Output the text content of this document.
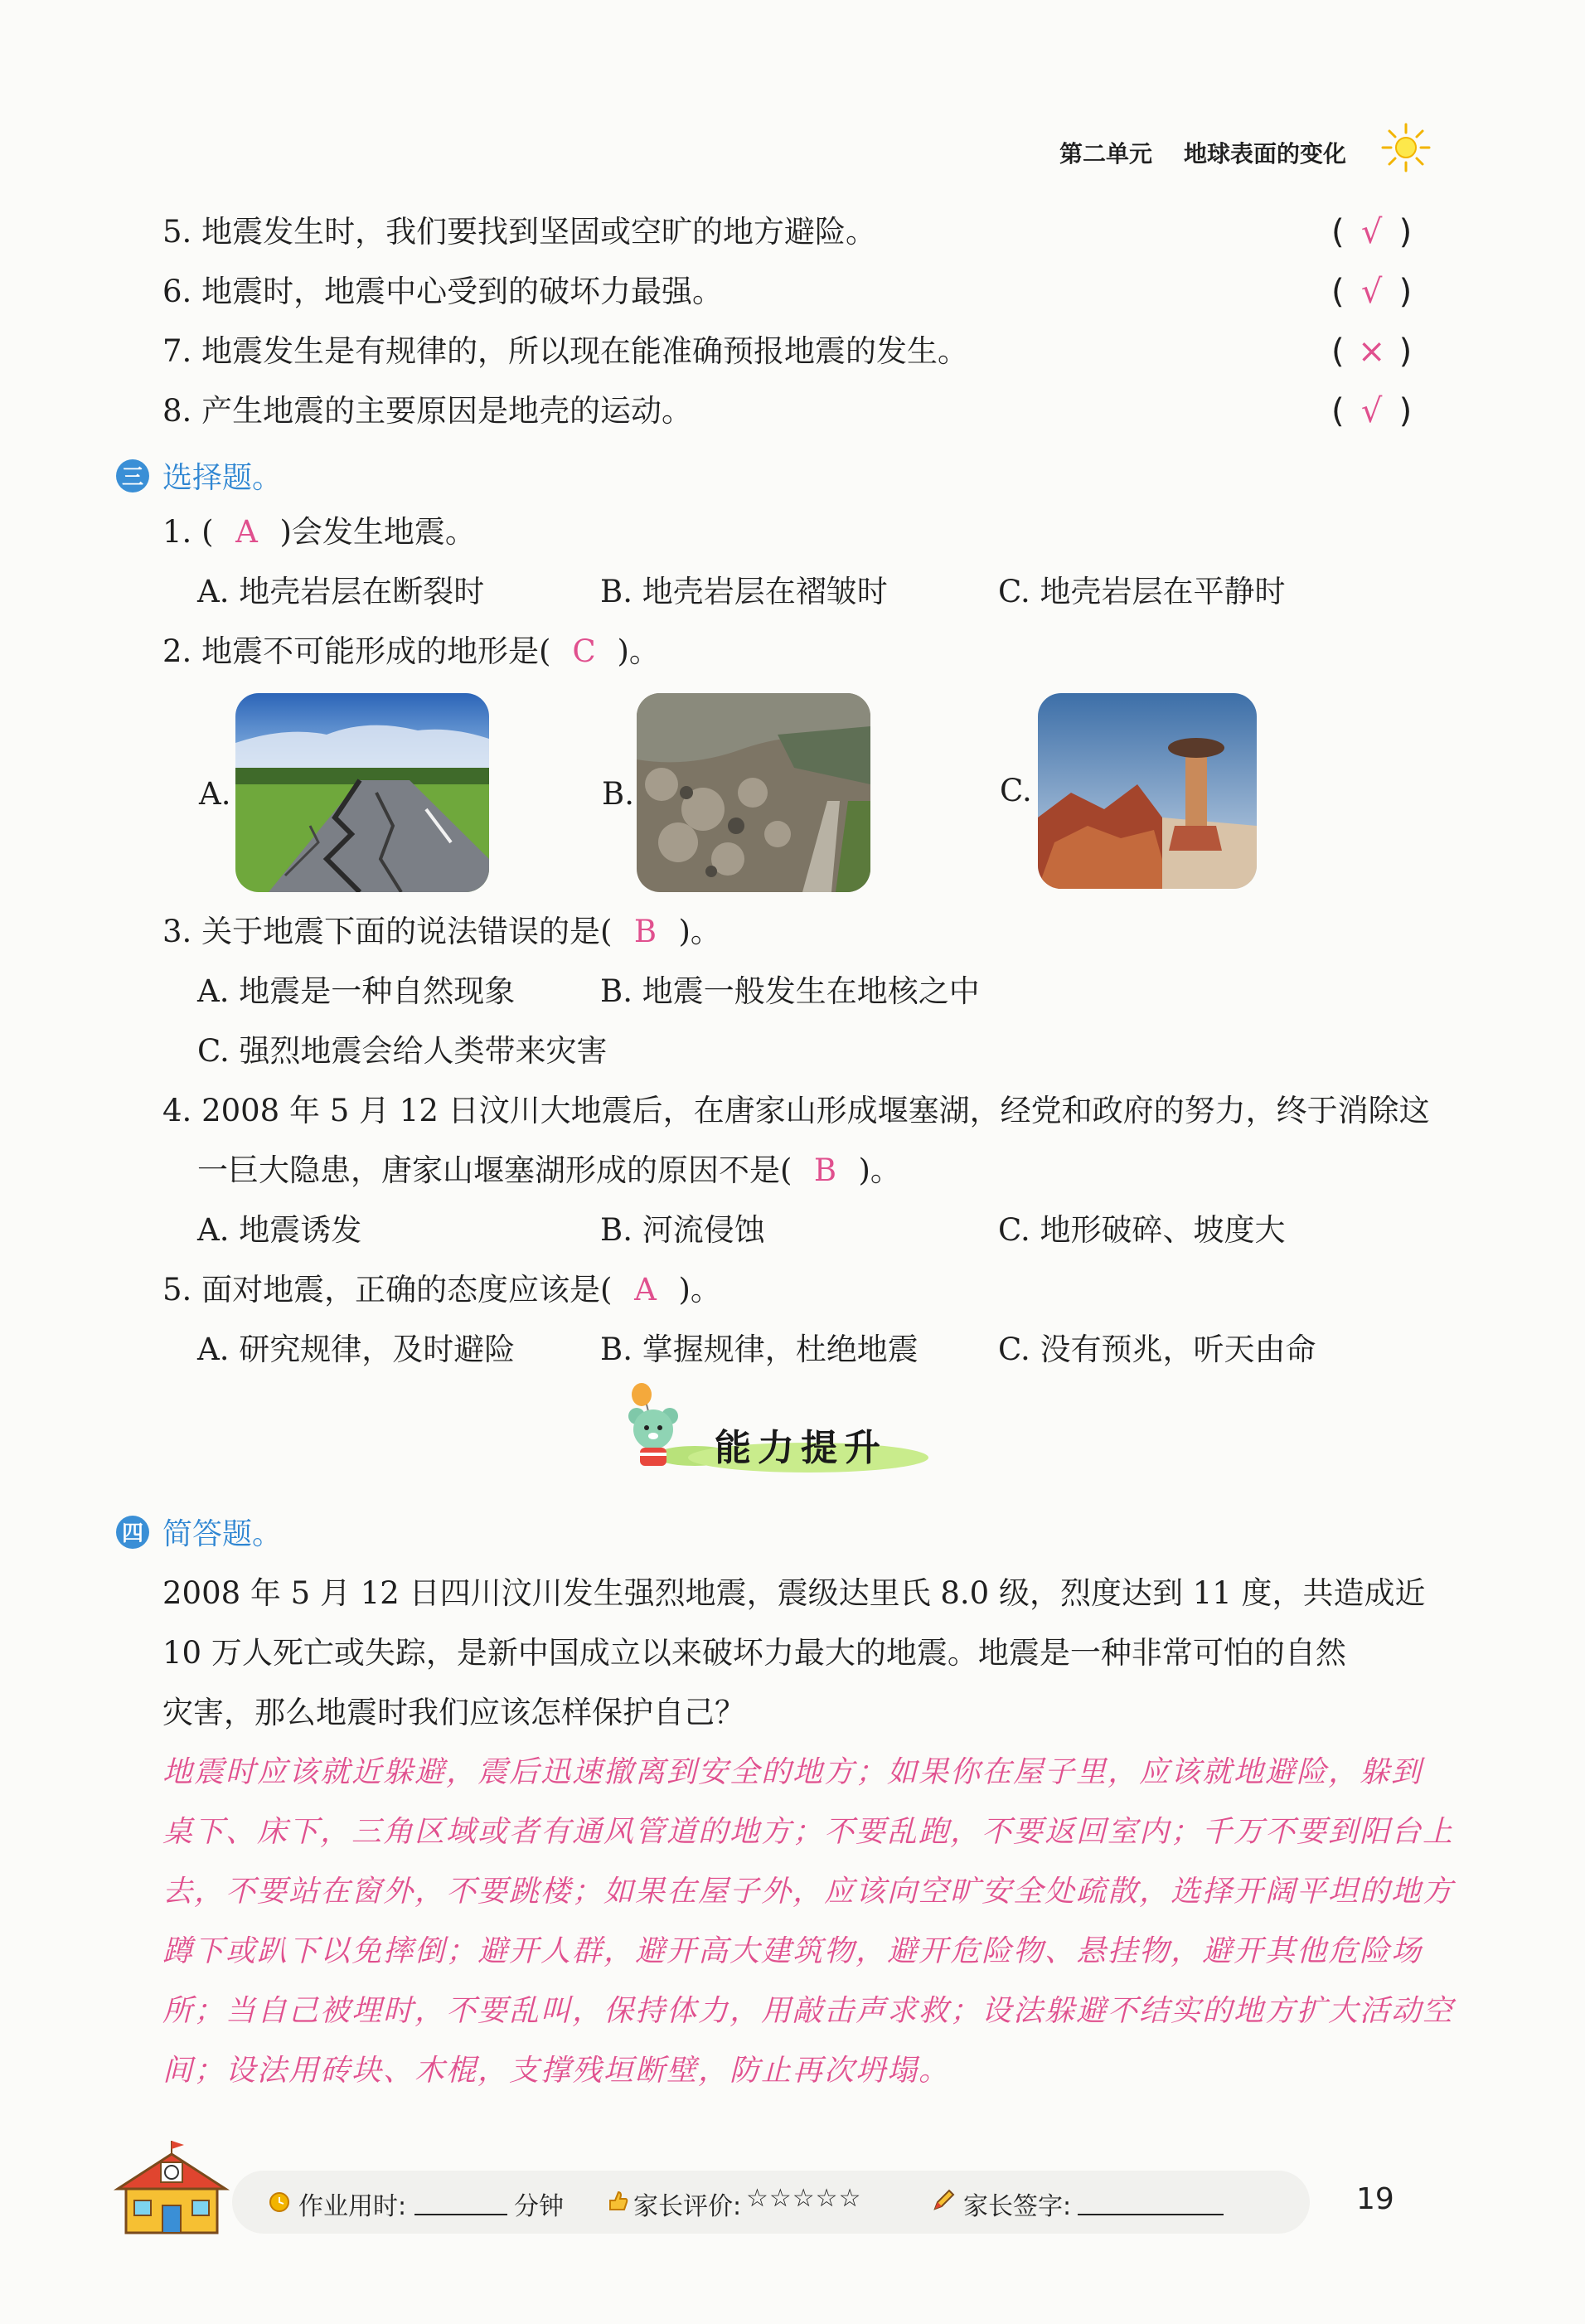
第二单元 地球表面的变化
5. 地震发生时，我们要找到坚固或空旷的地方避险。	( √ )
6. 地震时，地震中心受到的破坏力最强。	( √ )
7. 地震发生是有规律的，所以现在能准确预报地震的发生。	( × )
8. 产生地震的主要原因是地壳的运动。	( √ )
三 选择题。
1. ( A )会发生地震。
A. 地壳岩层在断裂时	B. 地壳岩层在褶皱时	C. 地壳岩层在平静时
2. 地震不可能形成的地形是( C )。
A.	B.	C.
3. 关于地震下面的说法错误的是( B )。
A. 地震是一种自然现象	B. 地震一般发生在地核之中
C. 强烈地震会给人类带来灾害
4. 2008 年 5 月 12 日汶川大地震后，在唐家山形成堰塞湖，经党和政府的努力，终于消除这
一巨大隐患，唐家山堰塞湖形成的原因不是( B )。
A. 地震诱发	B. 河流侵蚀	C. 地形破碎、坡度大
5. 面对地震，正确的态度应该是( A )。
A. 研究规律，及时避险	B. 掌握规律，杜绝地震	C. 没有预兆，听天由命
能力提升
四 简答题。
2008 年 5 月 12 日四川汶川发生强烈地震，震级达里氏 8.0 级，烈度达到 11 度，共造成近
10 万人死亡或失踪，是新中国成立以来破坏力最大的地震。地震是一种非常可怕的自然
灾害，那么地震时我们应该怎样保护自己？
地震时应该就近躲避，震后迅速撤离到安全的地方；如果你在屋子里，应该就地避险，躲到
桌下、床下，三角区域或者有通风管道的地方；不要乱跑，不要返回室内；千万不要到阳台上
去，不要站在窗外，不要跳楼；如果在屋子外，应该向空旷安全处疏散，选择开阔平坦的地方
蹲下或趴下以免摔倒；避开人群，避开高大建筑物，避开危险物、悬挂物，避开其他危险场
所；当自己被埋时，不要乱叫，保持体力，用敲击声求救；设法躲避不结实的地方扩大活动空
间；设法用砖块、木棍，支撑残垣断壁，防止再次坍塌。
作业用时:	分钟	家长评价: ☆☆☆☆☆	家长签字:	19
